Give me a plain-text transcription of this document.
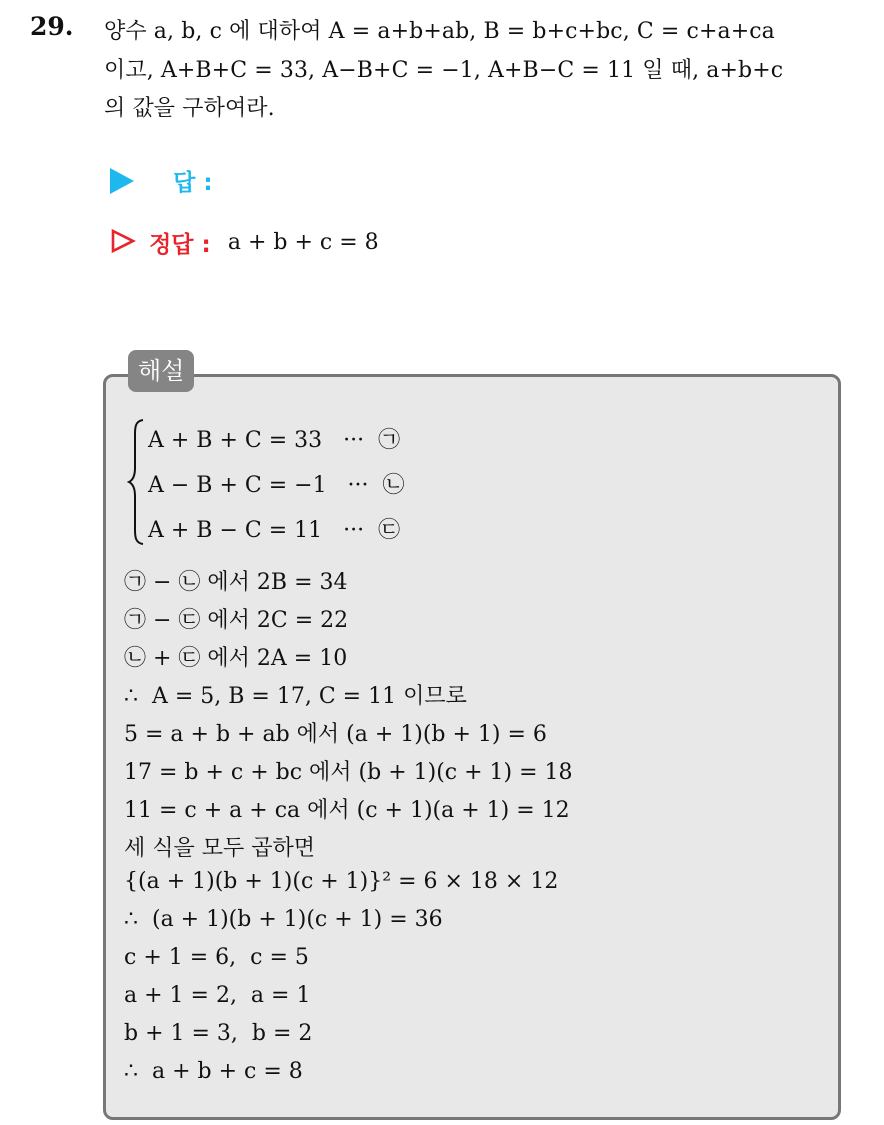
29. 양수 a, b, c 에 대하여 A = a+b+ab, B = b+c+bc, C = c+a+ca
이고, A+B+C = 33, A−B+C = −1, A+B−C = 11 일 때, a+b+c
의 값을 구하여라.
답 :
정답 : a + b + c = 8
해설
A + B + C = 33   ···  ㉠
A − B + C = −1   ···  ㉡
A + B − C = 11   ···  ㉢
㉠ − ㉡ 에서 2B = 34
㉠ − ㉢ 에서 2C = 22
㉡ + ㉢ 에서 2A = 10
∴  A = 5, B = 17, C = 11 이므로
5 = a + b + ab 에서 (a + 1)(b + 1) = 6
17 = b + c + bc 에서 (b + 1)(c + 1) = 18
11 = c + a + ca 에서 (c + 1)(a + 1) = 12
세 식을 모두 곱하면
{(a + 1)(b + 1)(c + 1)}² = 6 × 18 × 12
∴  (a + 1)(b + 1)(c + 1) = 36
c + 1 = 6,  c = 5
a + 1 = 2,  a = 1
b + 1 = 3,  b = 2
∴  a + b + c = 8
